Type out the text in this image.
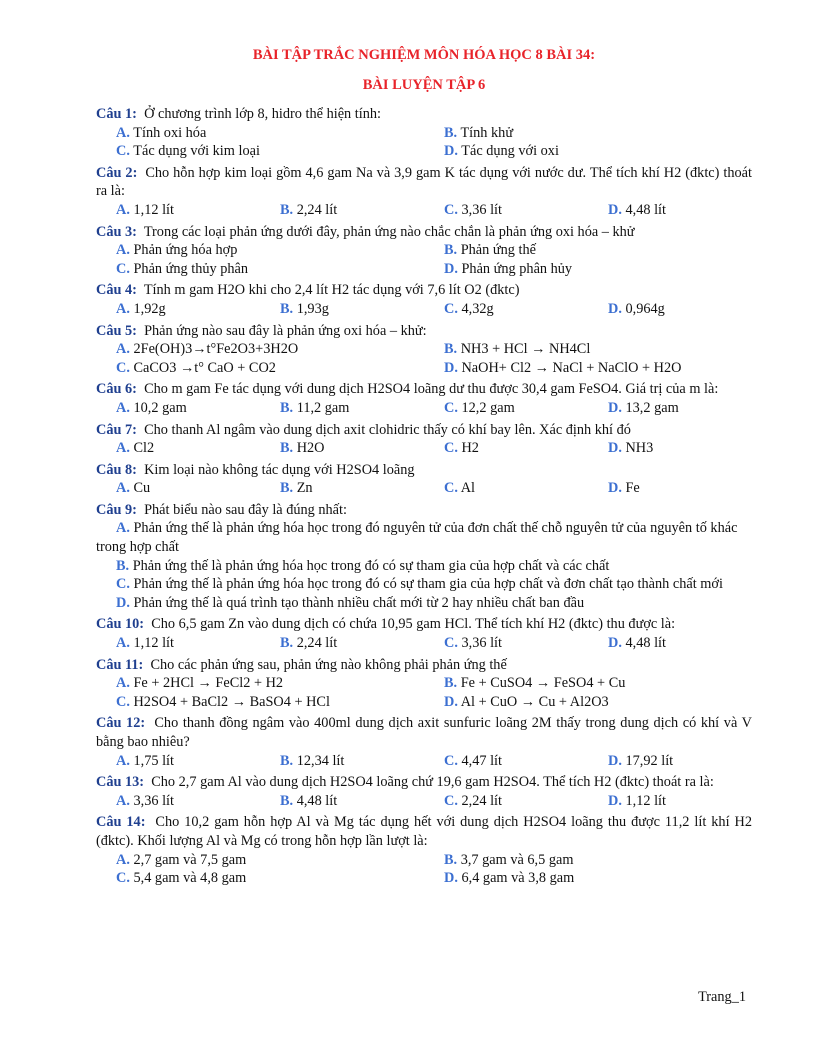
BÀI TẬP TRẮC NGHIỆM MÔN HÓA HỌC 8 BÀI 34:

BÀI LUYỆN TẬP 6

Câu 1: Ở chương trình lớp 8, hidro thể hiện tính:
A. Tính oxi hóa	B. Tính khử
C. Tác dụng với kim loại	D. Tác dụng với oxi
Câu 2: Cho hỗn hợp kim loại gồm 4,6 gam Na và 3,9 gam K tác dụng với nước dư. Thể tích khí H2 (đktc) thoát ra là:
A. 1,12 lít	B. 2,24 lít	C. 3,36 lít	D. 4,48 lít
Câu 3: Trong các loại phản ứng dưới đây, phản ứng nào chắc chắn là phản ứng oxi hóa – khử
A. Phản ứng hóa hợp	B. Phản ứng thế
C. Phản ứng thủy phân	D. Phản ứng phân hủy
Câu 4: Tính m gam H2O khi cho 2,4 lít H2 tác dụng với 7,6 lít O2 (đktc)
A. 1,92g	B. 1,93g	C. 4,32g	D. 0,964g
Câu 5: Phản ứng nào sau đây là phản ứng oxi hóa – khử:
A. 2Fe(OH)3→t°Fe2O3+3H2O	B. NH3 + HCl → NH4Cl
C. CaCO3 →t° CaO + CO2	D. NaOH+ Cl2 → NaCl + NaClO + H2O
Câu 6: Cho m gam Fe tác dụng với dung dịch H2SO4 loãng dư thu được 30,4 gam FeSO4. Giá trị của m là:
A. 10,2 gam	B. 11,2 gam	C. 12,2 gam	D. 13,2 gam
Câu 7: Cho thanh Al ngâm vào dung dịch axit clohidric thấy có khí bay lên. Xác định khí đó
A. Cl2	B. H2O	C. H2	D. NH3
Câu 8: Kim loại nào không tác dụng với H2SO4 loãng
A. Cu	B. Zn	C. Al	D. Fe
Câu 9: Phát biểu nào sau đây là đúng nhất:
A. Phản ứng thế là phản ứng hóa học trong đó nguyên tử của đơn chất thế chỗ nguyên tử của nguyên tố khác trong hợp chất
B. Phản ứng thế là phản ứng hóa học trong đó có sự tham gia của hợp chất và các chất
C. Phản ứng thế là phản ứng hóa học trong đó có sự tham gia của hợp chất và đơn chất tạo thành chất mới
D. Phản ứng thế là quá trình tạo thành nhiều chất mới từ 2 hay nhiều chất ban đầu
Câu 10: Cho 6,5 gam Zn vào dung dịch có chứa 10,95 gam HCl. Thể tích khí H2 (đktc) thu được là:
A. 1,12 lít	B. 2,24 lít	C. 3,36 lít	D. 4,48 lít
Câu 11: Cho các phản ứng sau, phản ứng nào không phải phản ứng thế
A. Fe + 2HCl → FeCl2 + H2	B. Fe + CuSO4 → FeSO4 + Cu
C. H2SO4 + BaCl2 → BaSO4 + HCl	D. Al + CuO → Cu + Al2O3
Câu 12: Cho thanh đồng ngâm vào 400ml dung dịch axit sunfuric loãng 2M thấy trong dung dịch có khí và V bằng bao nhiêu?
A. 1,75 lít	B. 12,34 lít	C. 4,47 lít	D. 17,92 lít
Câu 13: Cho 2,7 gam Al vào dung dịch H2SO4 loãng chứ 19,6 gam H2SO4. Thể tích H2 (đktc) thoát ra là:
A. 3,36 lít	B. 4,48 lít	C. 2,24 lít	D. 1,12 lít
Câu 14: Cho 10,2 gam hỗn hợp Al và Mg tác dụng hết với dung dịch H2SO4 loãng thu được 11,2 lít khí H2 (đktc). Khối lượng Al và Mg có trong hỗn hợp lần lượt là:
A. 2,7 gam và 7,5 gam	B. 3,7 gam và 6,5 gam
C. 5,4 gam và 4,8 gam	D. 6,4 gam và 3,8 gam
Trang_1
